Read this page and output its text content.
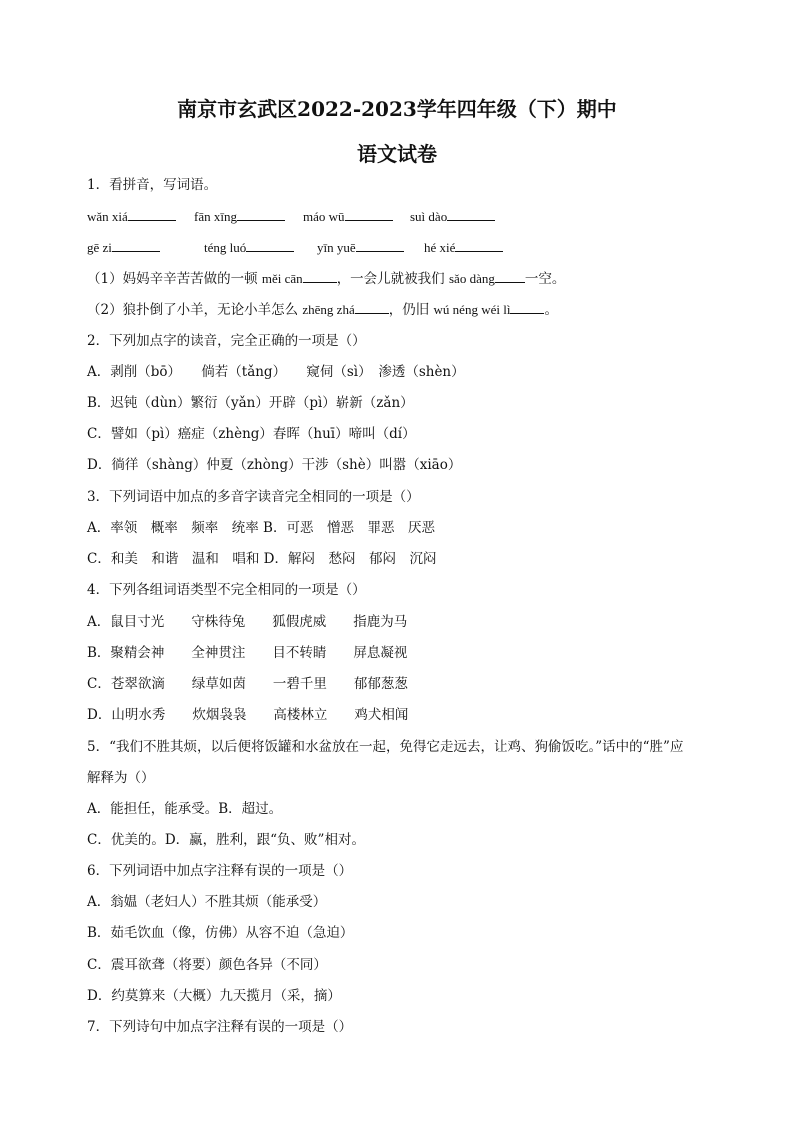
南京市玄武区2022-2023学年四年级（下）期中
语文试卷
1．看拼音，写词语。
wǎn xiá	fān xīng	máo wū	suì dào
gē zi	téng luó	yīn yuē	hé xié
（1）妈妈辛辛苦苦做的一顿 měi cān	，一会儿就被我们 sǎo dàng 一空。
（2）狼扑倒了小羊，无论小羊怎么 zhēng zhá	，仍旧 wú néng wéi lì	。
2．下列加点字的读音，完全正确的一项是（）
A．剥削（bō）　　倘若（tǎng）　　窥伺（sì）　渗透（shèn）
B．迟钝（dùn）繁衍（yǎn）开辟（pì）崭新（zǎn）
C．譬如（pì）癌症（zhèng）春晖（huī）啼叫（dí）
D．徜徉（shàng）仲夏（zhòng）干涉（shè）叫嚣（xiāo）
3．下列词语中加点的多音字读音完全相同的一项是（）
A．率领　概率　频率　统率 B．可恶　憎恶　罪恶　厌恶
C．和美　和谐　温和　唱和 D．解闷　愁闷　郁闷　沉闷
4．下列各组词语类型不完全相同的一项是（）
A．鼠目寸光　　守株待兔　　狐假虎威　　指鹿为马
B．聚精会神　　全神贯注　　目不转睛　　屏息凝视
C．苍翠欲滴　　绿草如茵　　一碧千里　　郁郁葱葱
D．山明水秀　　炊烟袅袅　　高楼林立　　鸡犬相闻
5．“我们不胜其烦，以后便将饭罐和水盆放在一起，免得它走远去，让鸡、狗偷饭吃。”话中的“胜”应
解释为（）
A．能担任，能承受。B．超过。
C．优美的。D．赢，胜利，跟“负、败”相对。
6．下列词语中加点字注释有误的一项是（）
A．翁媪（老妇人）不胜其烦（能承受）
B．茹毛饮血（像，仿佛）从容不迫（急迫）
C．震耳欲聋（将要）颜色各异（不同）
D．约莫算来（大概）九天揽月（采，摘）
7．下列诗句中加点字注释有误的一项是（）
